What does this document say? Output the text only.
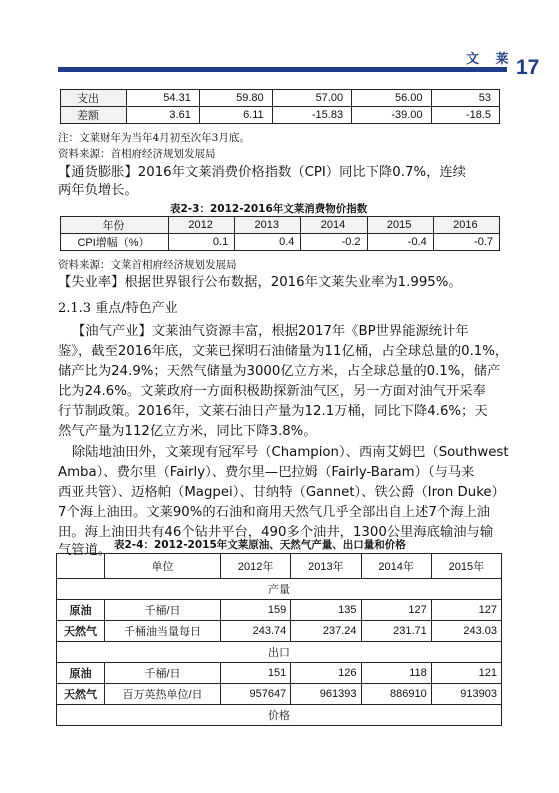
文 莱 17
支出	54.31	59.80	57.00	56.00	53
差额	3.61	6.11	-15.83	-39.00	-18.5
注：文莱财年为当年4月初至次年3月底。
资料来源：首相府经济规划发展局
【通货膨胀】2016年文莱消费价格指数（CPI）同比下降0.7%，连续
两年负增长。
表2-3：2012-2016年文莱消费物价指数
年份	2012	2013	2014	2015	2016
CPI增幅（%）	0.1	0.4	-0.2	-0.4	-0.7
资料来源：文莱首相府经济规划发展局
【失业率】根据世界银行公布数据，2016年文莱失业率为1.995%。
2.1.3 重点/特色产业
【油气产业】文莱油气资源丰富，根据2017年《BP世界能源统计年
鉴》，截至2016年底，文莱已探明石油储量为11亿桶，占全球总量的0.1%，
储产比为24.9%；天然气储量为3000亿立方米，占全球总量的0.1%，储产
比为24.6%。文莱政府一方面积极勘探新油气区，另一方面对油气开采奉
行节制政策。2016年，文莱石油日产量为12.1万桶，同比下降4.6%；天
然气产量为112亿立方米，同比下降3.8%。
除陆地油田外，文莱现有冠军号（Champion）、西南艾姆巴（Southwest
Amba）、费尔里（Fairly）、费尔里—巴拉姆（Fairly-Baram）（与马来
西亚共管）、迈格帕（Magpei）、甘纳特（Gannet）、铁公爵（Iron Duke）
7个海上油田。文莱90%的石油和商用天然气几乎全部出自上述7个海上油
田。海上油田共有46个钻井平台，490多个油井，1300公里海底输油与输
气管道。 表2-4：2012-2015年文莱原油、天然气产量、出口量和价格
	单位	2012年	2013年	2014年	2015年
产量					
原油	千桶/日	159	135	127	127
天然气	千桶油当量每日	243.74	237.24	231.71	243.03
出口					
原油	千桶/日	151	126	118	121
天然气	百万英热单位/日	957647	961393	886910	913903
价格					
